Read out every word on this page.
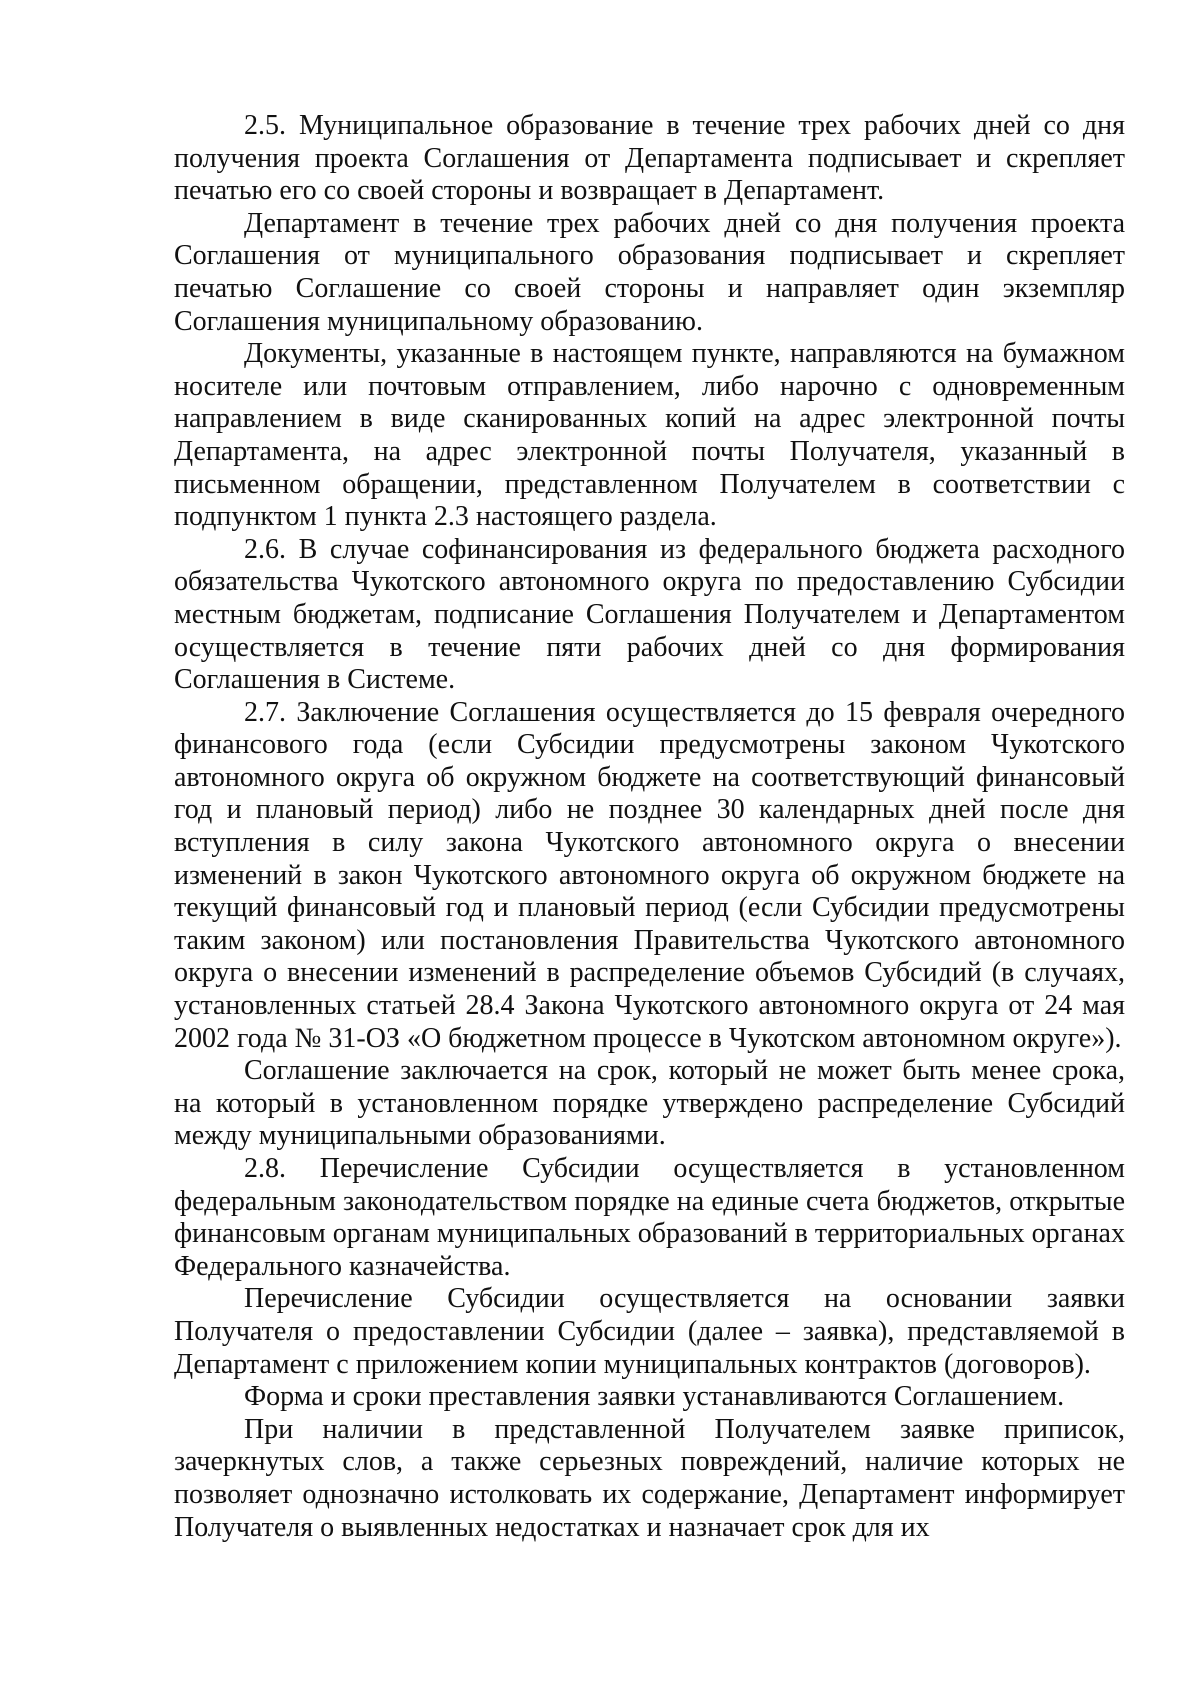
2.5. Муниципальное образование в течение трех рабочих дней со дня получения проекта Соглашения от Департамента подписывает и скрепляет печатью его со своей стороны и возвращает в Департамент.

Департамент в течение трех рабочих дней со дня получения проекта Соглашения от муниципального образования подписывает и скрепляет печатью Соглашение со своей стороны и направляет один экземпляр Соглашения муниципальному образованию.

Документы, указанные в настоящем пункте, направляются на бумажном носителе или почтовым отправлением, либо нарочно с одновременным направлением в виде сканированных копий на адрес электронной почты Департамента, на адрес электронной почты Получателя, указанный в письменном обращении, представленном Получателем в соответствии с подпунктом 1 пункта 2.3 настоящего раздела.

2.6. В случае софинансирования из федерального бюджета расходного обязательства Чукотского автономного округа по предоставлению Субсидии местным бюджетам, подписание Соглашения Получателем и Департаментом осуществляется в течение пяти рабочих дней со дня формирования Соглашения в Системе.

2.7. Заключение Соглашения осуществляется до 15 февраля очередного финансового года (если Субсидии предусмотрены законом Чукотского автономного округа об окружном бюджете на соответствующий финансовый год и плановый период) либо не позднее 30 календарных дней после дня вступления в силу закона Чукотского автономного округа о внесении изменений в закон Чукотского автономного округа об окружном бюджете на текущий финансовый год и плановый период (если Субсидии предусмотрены таким законом) или постановления Правительства Чукотского автономного округа о внесении изменений в распределение объемов Субсидий (в случаях, установленных статьей 28.4 Закона Чукотского автономного округа от 24 мая 2002 года № 31-ОЗ «О бюджетном процессе в Чукотском автономном округе»).

Соглашение заключается на срок, который не может быть менее срока, на который в установленном порядке утверждено распределение Субсидий между муниципальными образованиями.

2.8. Перечисление Субсидии осуществляется в установленном федеральным законодательством порядке на единые счета бюджетов, открытые финансовым органам муниципальных образований в территориальных органах Федерального казначейства.

Перечисление Субсидии осуществляется на основании заявки Получателя о предоставлении Субсидии (далее – заявка), представляемой в Департамент с приложением копии муниципальных контрактов (договоров).

Форма и сроки преставления заявки устанавливаются Соглашением.

При наличии в представленной Получателем заявке приписок, зачеркнутых слов, а также серьезных повреждений, наличие которых не позволяет однозначно истолковать их содержание, Департамент информирует Получателя о выявленных недостатках и назначает срок для их
